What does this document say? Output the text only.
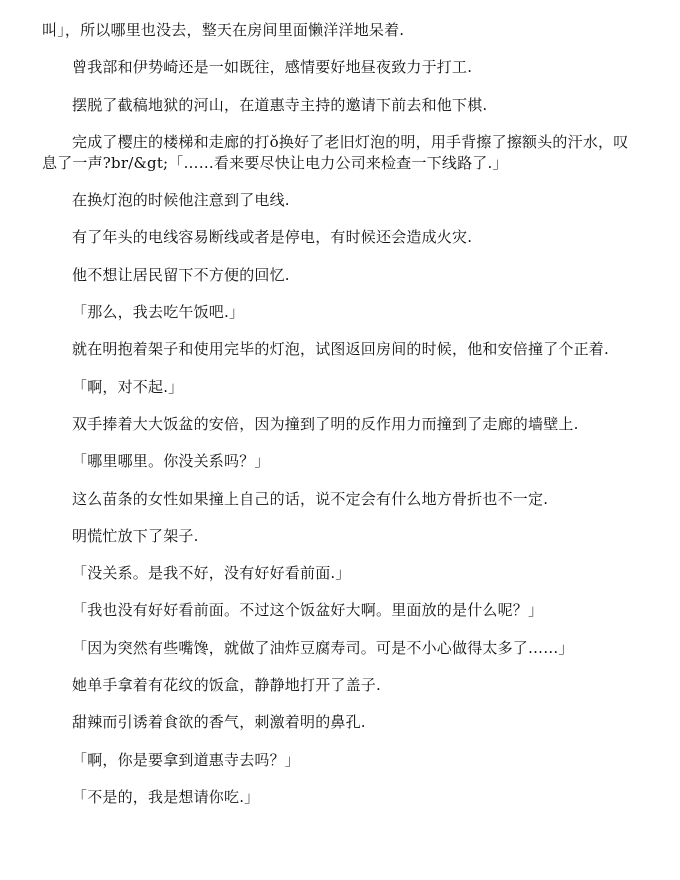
叫」，所以哪里也没去，整天在房间里面懒洋洋地呆着.

曾我部和伊势崎还是一如既往，感情要好地昼夜致力于打工.

摆脱了截稿地狱的河山，在道惠寺主持的邀请下前去和他下棋.

完成了樱庄的楼梯和走廊的打ǒ换好了老旧灯泡的明，用手背擦了擦额头的汗水，叹息了一声?br/&gt;「……看来要尽快让电力公司来检查一下线路了.」

在换灯泡的时候他注意到了电线.

有了年头的电线容易断线或者是停电，有时候还会造成火灾.

他不想让居民留下不方便的回忆.

「那么，我去吃午饭吧.」

就在明抱着架子和使用完毕的灯泡，试图返回房间的时候，他和安倍撞了个正着.

「啊，对不起.」

双手捧着大大饭盆的安倍，因为撞到了明的反作用力而撞到了走廊的墙壁上.

「哪里哪里。你没关系吗？」

这么苗条的女性如果撞上自己的话，说不定会有什么地方骨折也不一定.

明慌忙放下了架子.

「没关系。是我不好，没有好好看前面.」

「我也没有好好看前面。不过这个饭盆好大啊。里面放的是什么呢？」

「因为突然有些嘴馋，就做了油炸豆腐寿司。可是不小心做得太多了……」

她单手拿着有花纹的饭盒，静静地打开了盖子.

甜辣而引诱着食欲的香气，刺激着明的鼻孔.

「啊，你是要拿到道惠寺去吗？」

「不是的，我是想请你吃.」
